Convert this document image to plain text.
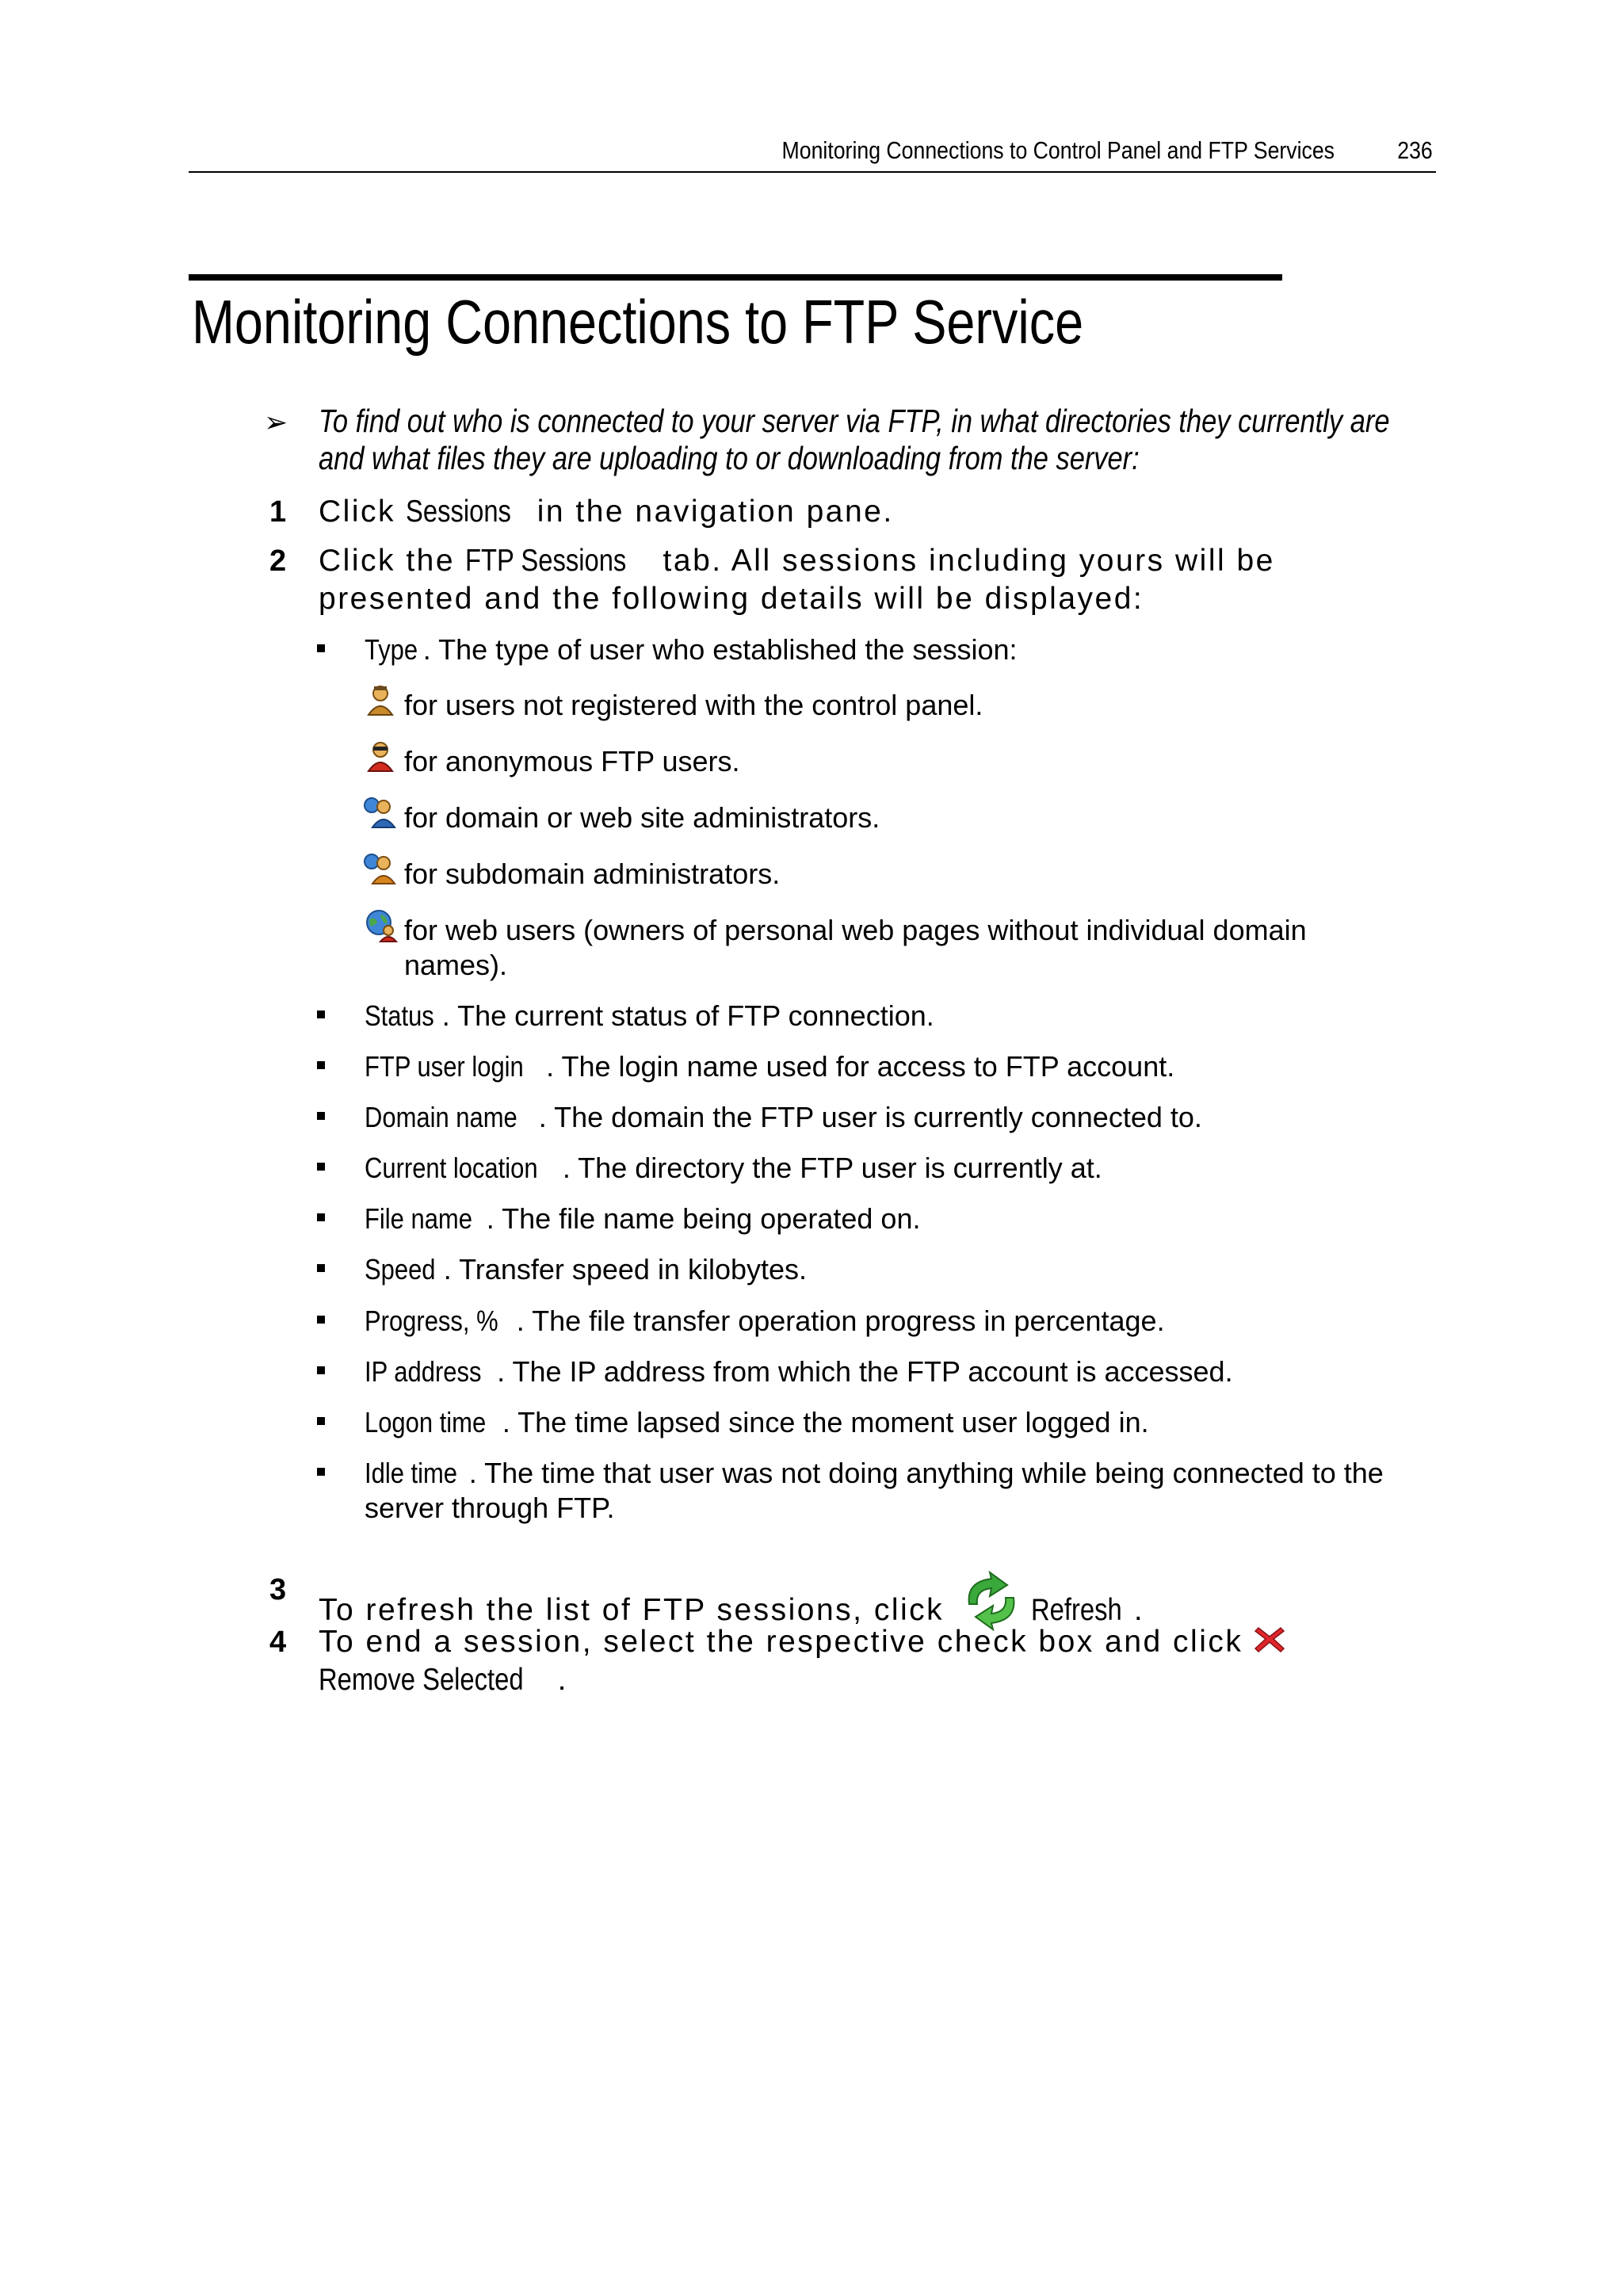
Monitoring Connections to Control Panel and FTP Services	236
Monitoring Connections to FTP Service
➢ To find out who is connected to your server via FTP, in what directories they currently are and what files they are uploading to or downloading from the server:
1 Click Sessions in the navigation pane.
2 Click the FTP Sessions tab. All sessions including yours will be presented and the following details will be displayed:
Type . The type of user who established the session:
for users not registered with the control panel.
for anonymous FTP users.
for domain or web site administrators.
for subdomain administrators.
for web users (owners of personal web pages without individual domain names).
Status . The current status of FTP connection.
FTP user login . The login name used for access to FTP account.
Domain name . The domain the FTP user is currently connected to.
Current location . The directory the FTP user is currently at.
File name . The file name being operated on.
Speed . Transfer speed in kilobytes.
Progress, % . The file transfer operation progress in percentage.
IP address . The IP address from which the FTP account is accessed.
Logon time . The time lapsed since the moment user logged in.
Idle time . The time that user was not doing anything while being connected to the server through FTP.
3
To refresh the list of FTP sessions, click
Refresh .
4 To end a session, select the respective check box and click
Remove Selected .
